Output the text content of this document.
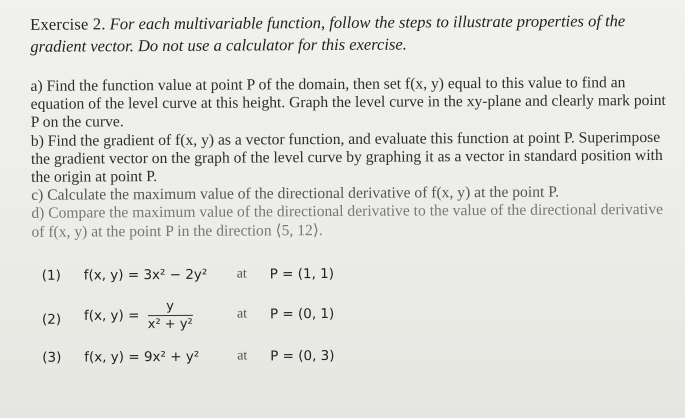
Exercise 2. For each multivariable function, follow the steps to illustrate properties of the gradient vector. Do not use a calculator for this exercise.
a) Find the function value at point P of the domain, then set f(x, y) equal to this value to find an equation of the level curve at this height. Graph the level curve in the xy-plane and clearly mark point P on the curve.
b) Find the gradient of f(x, y) as a vector function, and evaluate this function at point P. Superimpose the gradient vector on the graph of the level curve by graphing it as a vector in standard position with the origin at point P.
c) Calculate the maximum value of the directional derivative of f(x, y) at the point P.
d) Compare the maximum value of the directional derivative to the value of the directional derivative of f(x, y) at the point P in the direction ⟨5, 12⟩.
(1) f(x, y) = 3x² − 2y² at P = (1, 1)
(2) f(x, $y) = \frac{y}{\text{x² + y²}}$	at P = (0, 1)
(3) f(x, y) = 9x² + y²	at P = (0, 3)
